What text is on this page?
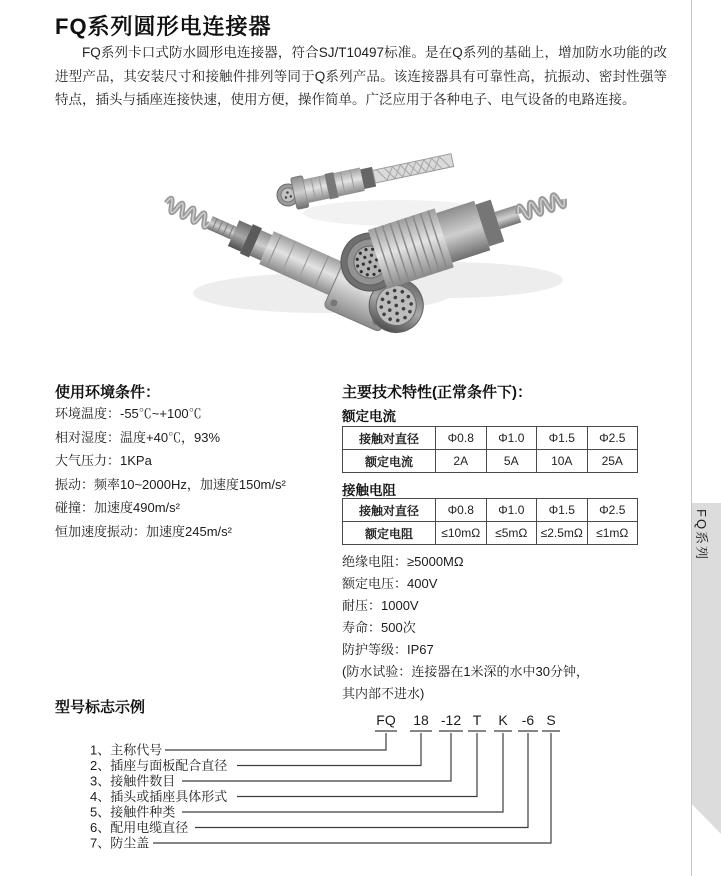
FQ系列圆形电连接器

FQ系列卡口式防水圆形电连接器，符合SJ/T10497标准。是在Q系列的基础上，增加防水功能的改进型产品，其安装尺寸和接触件排列等同于Q系列产品。该连接器具有可靠性高，抗振动、密封性强等特点，插头与插座连接快速，使用方便，操作简单。广泛应用于各种电子、电气设备的电路连接。

使用环境条件：
环境温度：-55℃~+100℃
相对湿度：温度+40℃，93%
大气压力：1KPa
振动：频率10~2000Hz，加速度150m/s²
碰撞：加速度490m/s²
恒加速度振动：加速度245m/s²
主要技术特性(正常条件下)：
额定电流
接触对直径	Φ0.8	Φ1.0	Φ1.5	Φ2.5
额定电流	2A	5A	10A	25A
接触电阻
接触对直径	Φ0.8	Φ1.0	Φ1.5	Φ2.5
额定电阻	≤10mΩ	≤5mΩ	≤2.5mΩ	≤1mΩ
绝缘电阻：≥5000MΩ
额定电压：400V
耐压：1000V
寿命：500次
防护等级：IP67
(防水试验：连接器在1米深的水中30分钟，
其内部不进水)
型号标志示例
FQ 18 -12 T K -6 S
1、主称代号
2、插座与面板配合直径
3、接触件数目
4、插头或插座具体形式
5、接触件种类
6、配用电缆直径
7、防尘盖
FQ系列
